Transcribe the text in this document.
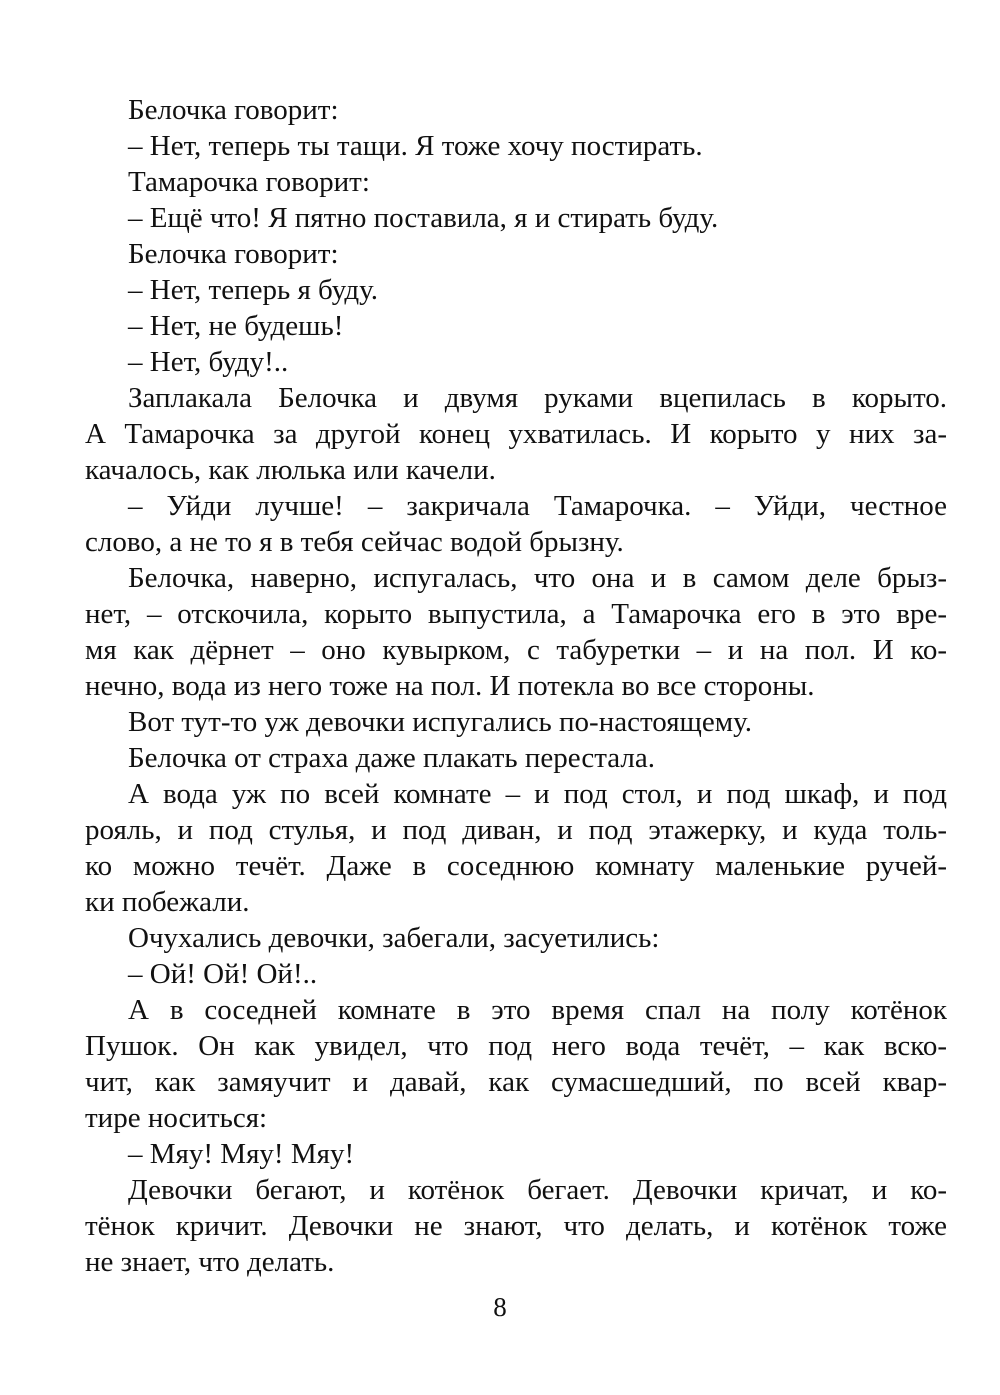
Белочка говорит:

– Нет, теперь ты тащи. Я тоже хочу постирать.

Тамарочка говорит:

– Ещё что! Я пятно поставила, я и стирать буду.

Белочка говорит:

– Нет, теперь я буду.

– Нет, не будешь!

– Нет, буду!..

Заплакала Белочка и двумя руками вцепилась в корыто.

А Тамарочка за другой конец ухватилась. И корыто у них за-

качалось, как люлька или качели.

– Уйди лучше! – закричала Тамарочка. – Уйди, честное

слово, а не то я в тебя сейчас водой брызну.

Белочка, наверно, испугалась, что она и в самом деле брыз-

нет, – отскочила, корыто выпустила, а Тамарочка его в это вре-

мя как дёрнет – оно кувырком, с табуретки – и на пол. И ко-

нечно, вода из него тоже на пол. И потекла во все стороны.

Вот тут-то уж девочки испугались по-настоящему.

Белочка от страха даже плакать перестала.

А вода уж по всей комнате – и под стол, и под шкаф, и под

рояль, и под стулья, и под диван, и под этажерку, и куда толь-

ко можно течёт. Даже в соседнюю комнату маленькие ручей-

ки побежали.

Очухались девочки, забегали, засуетились:

– Ой! Ой! Ой!..

А в соседней комнате в это время спал на полу котёнок

Пушок. Он как увидел, что под него вода течёт, – как вско-

чит, как замяучит и давай, как сумасшедший, по всей квар-

тире носиться:

– Мяу! Мяу! Мяу!

Девочки бегают, и котёнок бегает. Девочки кричат, и ко-

тёнок кричит. Девочки не знают, что делать, и котёнок тоже

не знает, что делать.

8
